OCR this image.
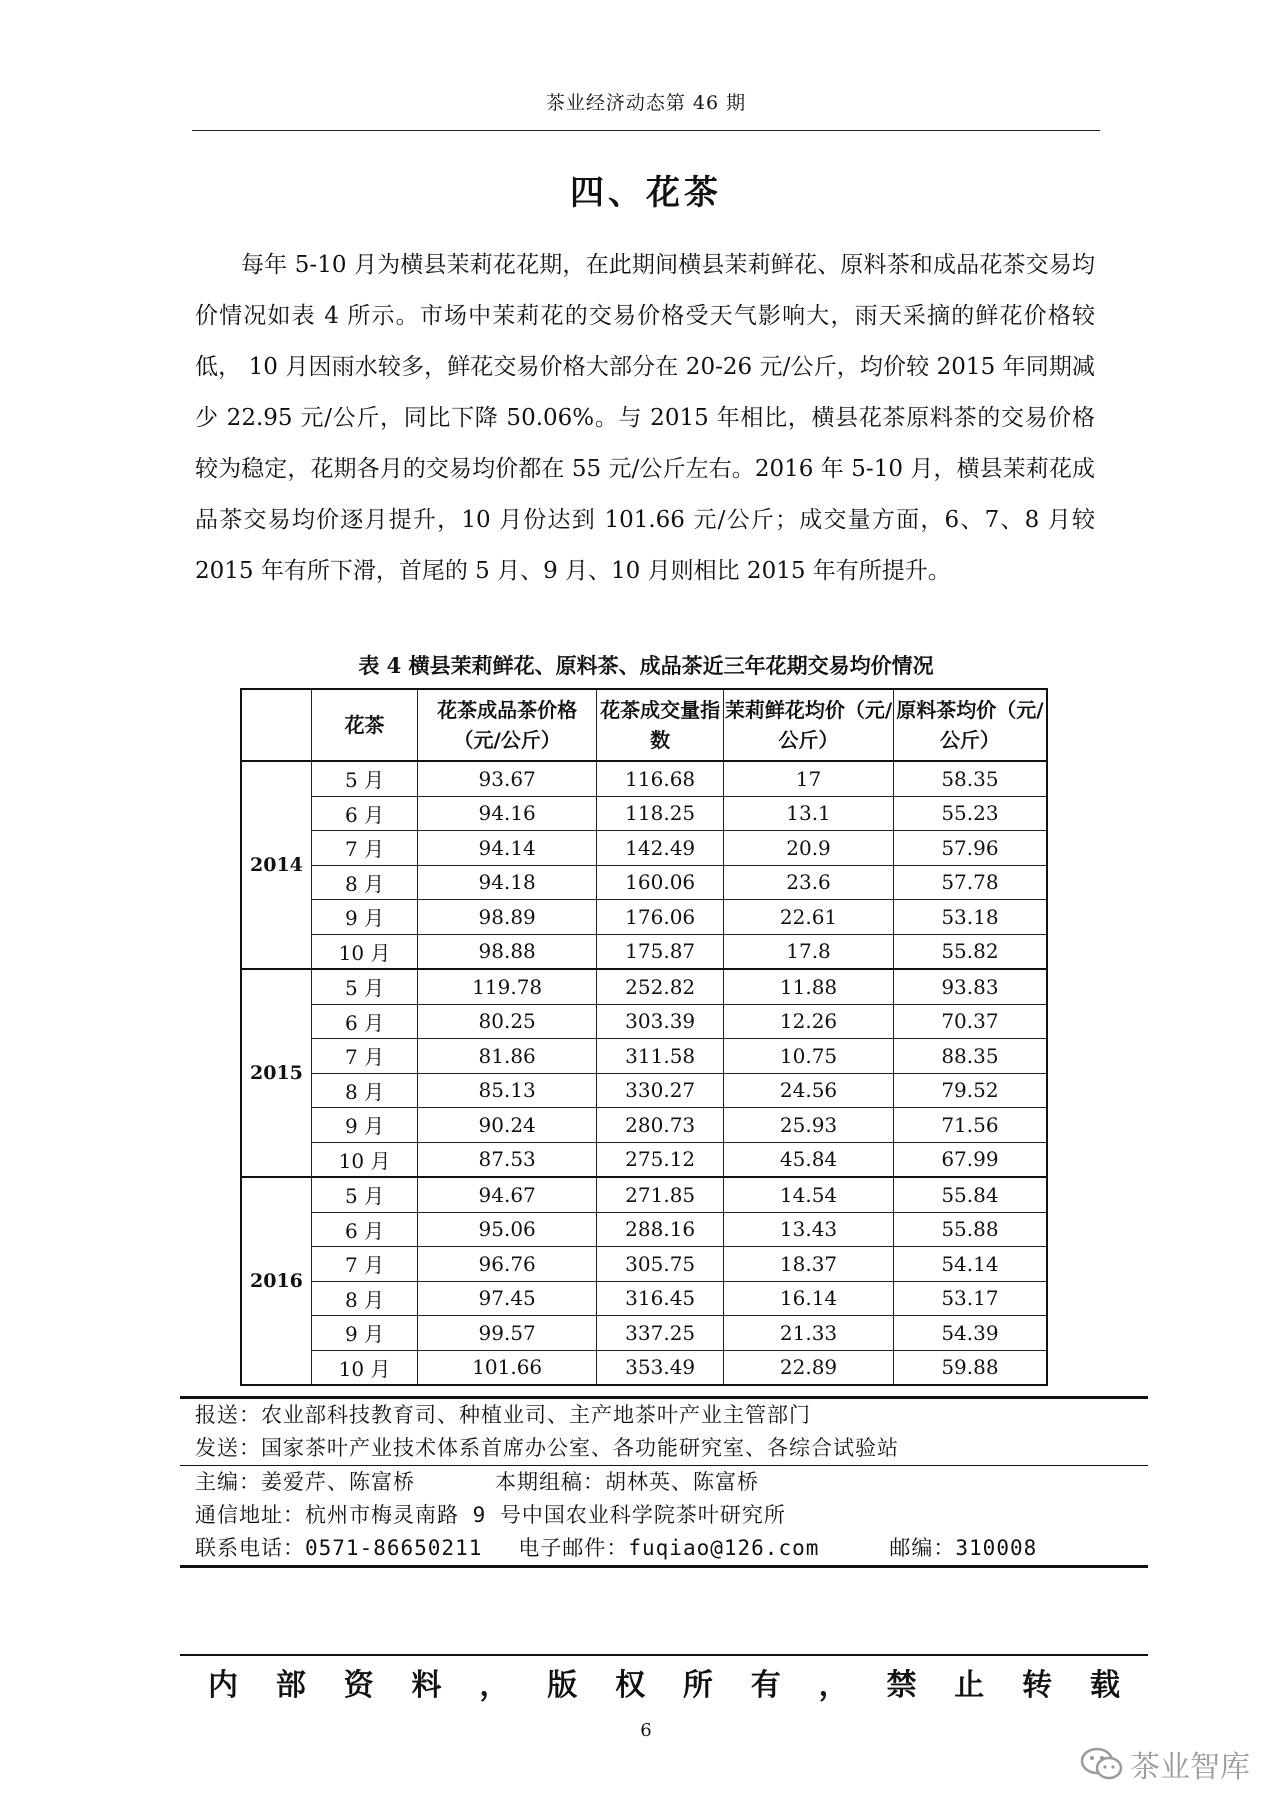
茶业经济动态第 46 期
四、花茶

每年 5-10 月为横县茉莉花花期，在此期间横县茉莉鲜花、原料茶和成品花茶交易均价情况如表 4 所示。市场中茉莉花的交易价格受天气影响大，雨天采摘的鲜花价格较低， 10 月因雨水较多，鲜花交易价格大部分在 20-26 元/公斤，均价较 2015 年同期减少 22.95 元/公斤，同比下降 50.06%。与 2015 年相比，横县花茶原料茶的交易价格较为稳定，花期各月的交易均价都在 55 元/公斤左右。2016 年 5-10 月，横县茉莉花成品茶交易均价逐月提升，10 月份达到 101.66 元/公斤；成交量方面，6、7、8 月较 2015 年有所下滑，首尾的 5 月、9 月、10 月则相比 2015 年有所提升。

表 4 横县茉莉鲜花、原料茶、成品茶近三年花期交易均价情况
	花茶	花茶成品茶价格（元/公斤）	花茶成交量指数	茉莉鲜花均价（元/公斤）	原料茶均价（元/公斤）
2014	5 月	93.67	116.68	17	58.35
	6 月	94.16	118.25	13.1	55.23
	7 月	94.14	142.49	20.9	57.96
	8 月	94.18	160.06	23.6	57.78
	9 月	98.89	176.06	22.61	53.18
	10 月	98.88	175.87	17.8	55.82
2015	5 月	119.78	252.82	11.88	93.83
	6 月	80.25	303.39	12.26	70.37
	7 月	81.86	311.58	10.75	88.35
	8 月	85.13	330.27	24.56	79.52
	9 月	90.24	280.73	25.93	71.56
	10 月	87.53	275.12	45.84	67.99
2016	5 月	94.67	271.85	14.54	55.84
	6 月	95.06	288.16	13.43	55.88
	7 月	96.76	305.75	18.37	54.14
	8 月	97.45	316.45	16.14	53.17
	9 月	99.57	337.25	21.33	54.39
	10 月	101.66	353.49	22.89	59.88
报送：农业部科技教育司、种植业司、主产地茶叶产业主管部门
发送：国家茶叶产业技术体系首席办公室、各功能研究室、各综合试验站
主编：姜爱芹、陈富桥	本期组稿：胡林英、陈富桥
通信地址：杭州市梅灵南路 9 号中国农业科学院茶叶研究所
联系电话：0571-86650211 电子邮件：fuqiao@126.com	邮编：310008
内 部 资 料 ， 版 权 所 有 ， 禁 止 转 载
6
茶业智库
